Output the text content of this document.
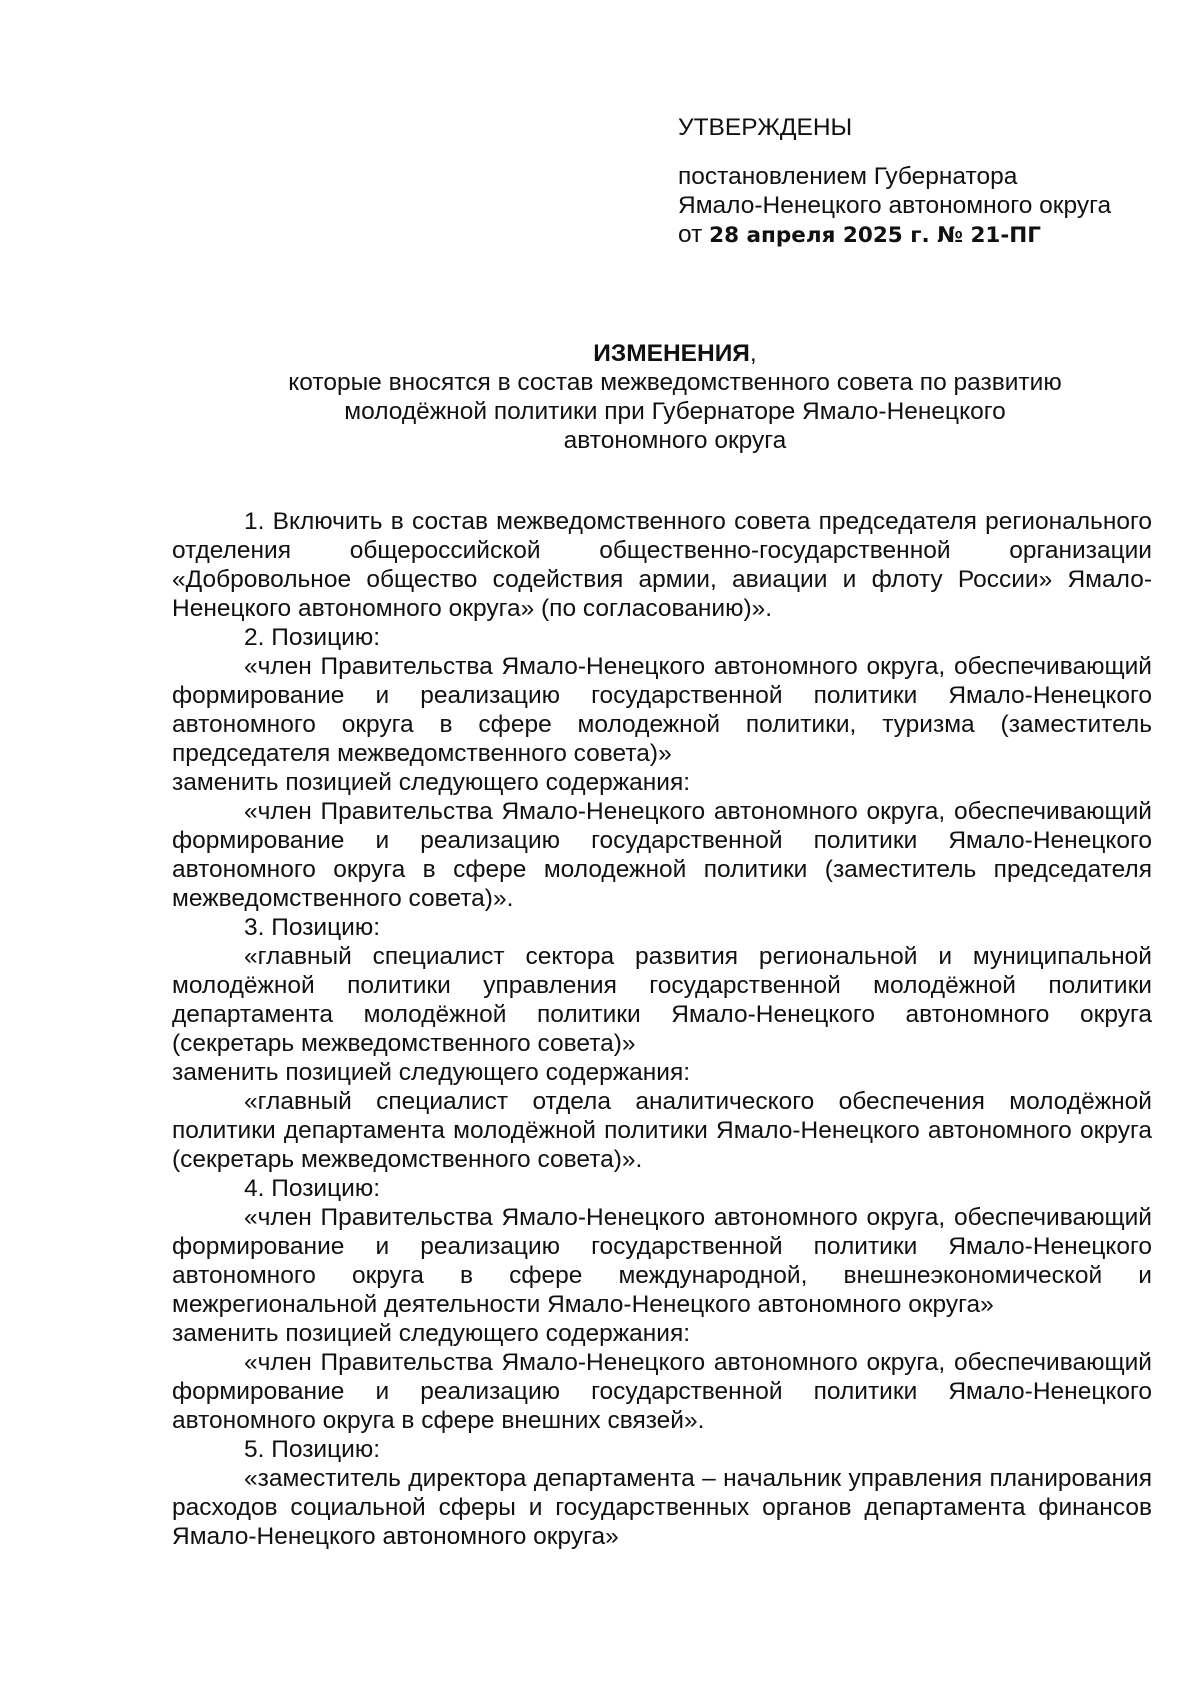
УТВЕРЖДЕНЫ
постановлением Губернатора
Ямало-Ненецкого автономного округа
от 28 апреля 2025 г. № 21-ПГ
ИЗМЕНЕНИЯ,
которые вносятся в состав межведомственного совета по развитию
молодёжной политики при Губернаторе Ямало-Ненецкого
автономного округа

1. Включить в состав межведомственного совета председателя регионального отделения общероссийской общественно-государственной организации «Добровольное общество содействия армии, авиации и флоту России» Ямало-Ненецкого автономного округа» (по согласованию)».

2. Позицию:

«член Правительства Ямало-Ненецкого автономного округа, обеспечивающий формирование и реализацию государственной политики Ямало-Ненецкого автономного округа в сфере молодежной политики, туризма (заместитель председателя межведомственного совета)»

заменить позицией следующего содержания:

«член Правительства Ямало-Ненецкого автономного округа, обеспечивающий формирование и реализацию государственной политики Ямало-Ненецкого автономного округа в сфере молодежной политики (заместитель председателя межведомственного совета)».

3. Позицию:

«главный специалист сектора развития региональной и муниципальной молодёжной политики управления государственной молодёжной политики департамента молодёжной политики Ямало-Ненецкого автономного округа (секретарь межведомственного совета)»

заменить позицией следующего содержания:

«главный специалист отдела аналитического обеспечения молодёжной политики департамента молодёжной политики Ямало-Ненецкого автономного округа (секретарь межведомственного совета)».

4. Позицию:

«член Правительства Ямало-Ненецкого автономного округа, обеспечивающий формирование и реализацию государственной политики Ямало-Ненецкого автономного округа в сфере международной, внешнеэкономической и межрегиональной деятельности Ямало-Ненецкого автономного округа»

заменить позицией следующего содержания:

«член Правительства Ямало-Ненецкого автономного округа, обеспечивающий формирование и реализацию государственной политики Ямало-Ненецкого автономного округа в сфере внешних связей».

5. Позицию:

«заместитель директора департамента – начальник управления планирования расходов социальной сферы и государственных органов департамента финансов Ямало-Ненецкого автономного округа»
